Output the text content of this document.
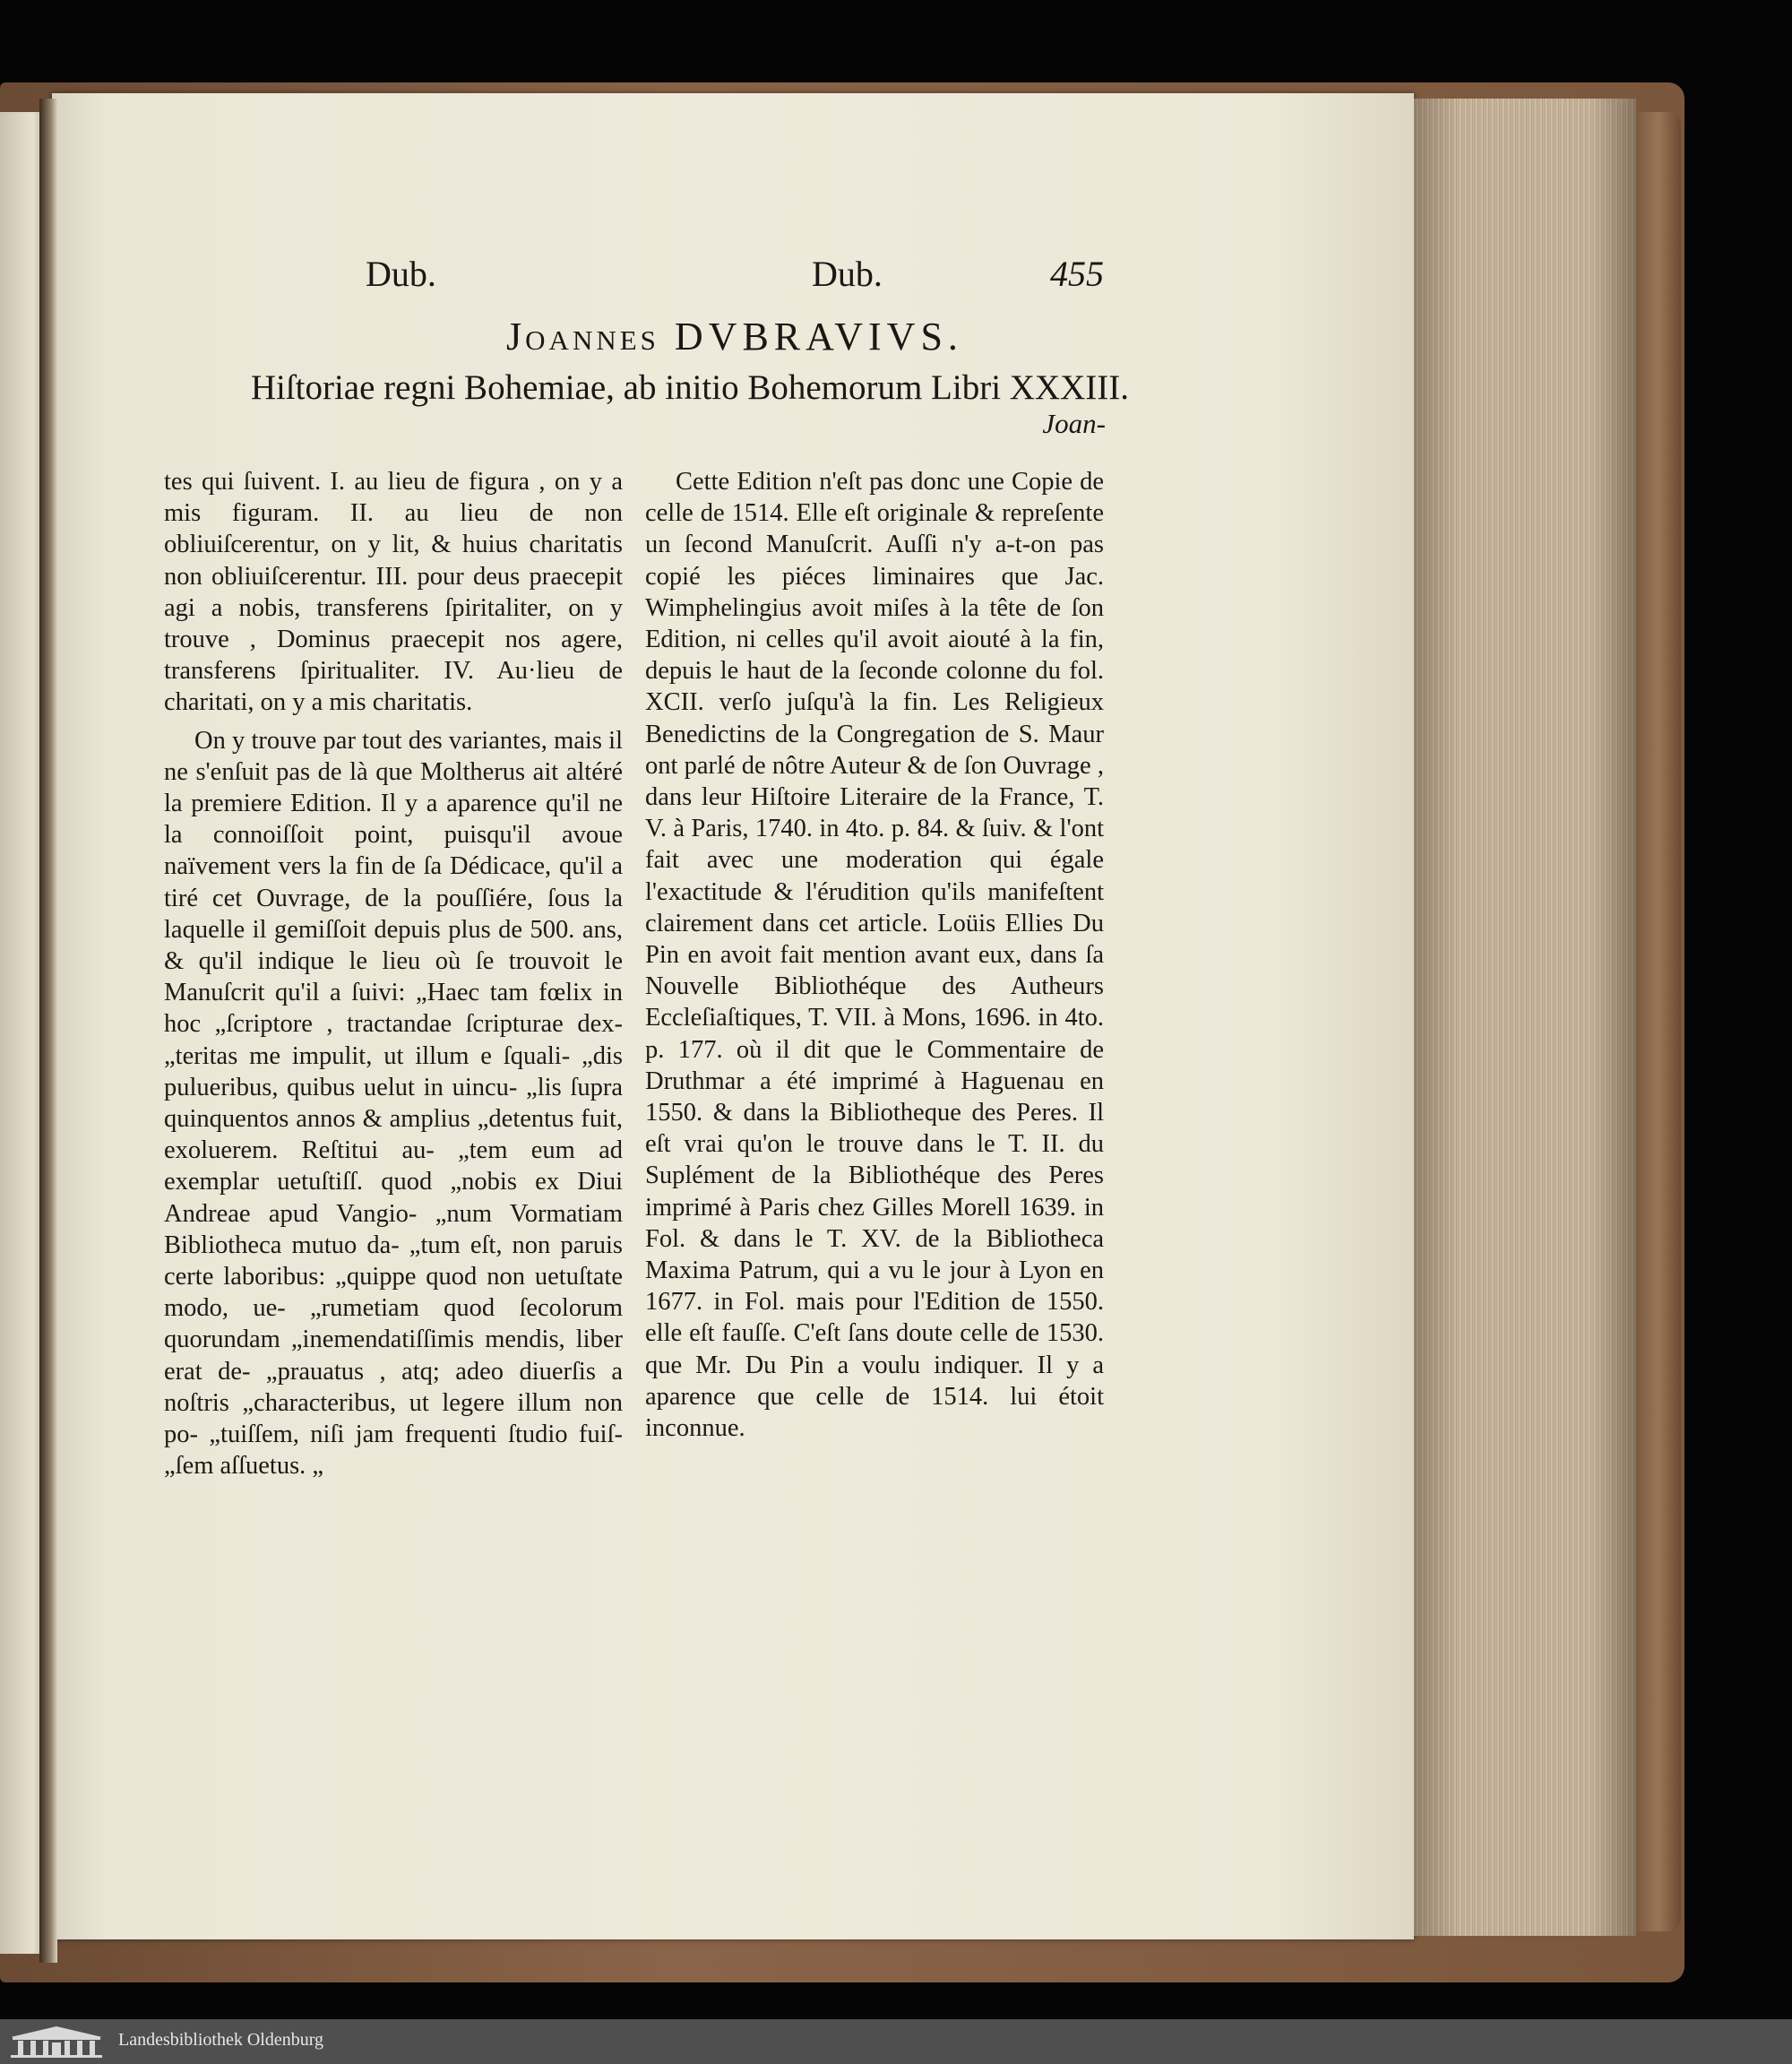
Dub.	Dub.	455
Joannes DVBRAVIVS.
Hiſtoriae regni Bohemiae, ab initio Bohemorum Libri XXXIII.
Joan-

tes qui ſuivent. I. au lieu de figura , on y a mis figuram. II. au lieu de non obliuiſcerentur, on y lit, & huius charitatis non obliuiſcerentur. III. pour deus praecepit agi a nobis, transferens ſpiritaliter, on y trouve , Dominus praecepit nos agere, transferens ſpiritualiter. IV. Au·lieu de charitati, on y a mis charitatis.

On y trouve par tout des variantes, mais il ne s'enſuit pas de là que Moltherus ait altéré la premiere Edition. Il y a aparence qu'il ne la connoiſſoit point, puisqu'il avoue naïvement vers la fin de ſa Dédicace, qu'il a tiré cet Ouvrage, de la pouſſiére, ſous la laquelle il gemiſſoit depuis plus de 500. ans, & qu'il indique le lieu où ſe trouvoit le Manuſcrit qu'il a ſuivi: „Haec tam fœlix in hoc „ſcriptore , tractandae ſcripturae dex- „teritas me impulit, ut illum e ſquali- „dis pulueribus, quibus uelut in uincu- „lis ſupra quinquentos annos & amplius „detentus fuit, exoluerem. Reſtitui au- „tem eum ad exemplar uetuſtiſſ. quod „nobis ex Diui Andreae apud Vangio- „num Vormatiam Bibliotheca mutuo da- „tum eſt, non paruis certe laboribus: „quippe quod non uetuſtate modo, ue- „rumetiam quod ſecolorum quorundam „inemendatiſſimis mendis, liber erat de- „prauatus , atq; adeo diuerſis a noſtris „characteribus, ut legere illum non po- „tuiſſem, niſi jam frequenti ſtudio fuiſ- „ſem aſſuetus. „

Cette Edition n'eſt pas donc une Copie de celle de 1514. Elle eſt originale & repreſente un ſecond Manuſcrit. Auſſi n'y a-t-on pas copié les piéces liminaires que Jac. Wimphelingius avoit miſes à la tête de ſon Edition, ni celles qu'il avoit aiouté à la fin, depuis le haut de la ſeconde colonne du fol. XCII. verſo juſqu'à la fin. Les Religieux Benedictins de la Congregation de S. Maur ont parlé de nôtre Auteur & de ſon Ouvrage , dans leur Hiſtoire Literaire de la France, T. V. à Paris, 1740. in 4to. p. 84. & ſuiv. & l'ont fait avec une moderation qui égale l'exactitude & l'érudition qu'ils manifeſtent clairement dans cet article. Loüis Ellies Du Pin en avoit fait mention avant eux, dans ſa Nouvelle Bibliothéque des Autheurs Eccleſiaſtiques, T. VII. à Mons, 1696. in 4to. p. 177. où il dit que le Commentaire de Druthmar a été imprimé à Haguenau en 1550. & dans la Bibliotheque des Peres. Il eſt vrai qu'on le trouve dans le T. II. du Suplément de la Bibliothéque des Peres imprimé à Paris chez Gilles Morell 1639. in Fol. & dans le T. XV. de la Bibliotheca Maxima Patrum, qui a vu le jour à Lyon en 1677. in Fol. mais pour l'Edition de 1550. elle eſt fauſſe. C'eſt ſans doute celle de 1530. que Mr. Du Pin a voulu indiquer. Il y a aparence que celle de 1514. lui étoit inconnue.

Landesbibliothek Oldenburg
